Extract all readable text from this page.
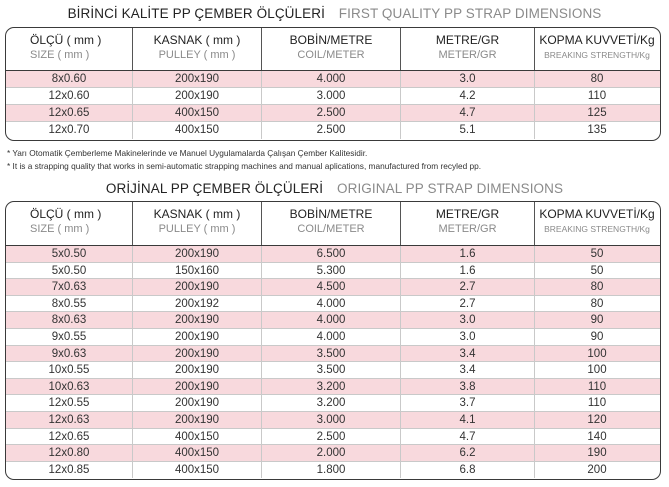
BİRİNCİ KALİTE PP ÇEMBER ÖLÇÜLERİ FIRST QUALITY PP STRAP DIMENSIONS
ÖLÇÜ ( mm )
SIZE ( mm )
KASNAK ( mm )
PULLEY ( mm )
BOBİN/METRE
COIL/METER
METRE/GR
METER/GR
KOPMA KUVVETİ/Kg
BREAKING STRENGTH/Kg
8x0.60	200x190	4.000	3.0	80
12x0.60	200x190	3.000	4.2	110
12x0.65	400x150	2.500	4.7	125
12x0.70	400x150	2.500	5.1	135
* Yarı Otomatik Çemberleme Makinelerinde ve Manuel Uygulamalarda Çalışan Çember Kalitesidir.
* It is a strapping quality that works in semi-automatic strapping machines and manual aplications, manufactured from recyled pp.
ORİJİNAL PP ÇEMBER ÖLÇÜLERİ ORIGINAL PP STRAP DIMENSIONS
ÖLÇÜ ( mm )
SIZE ( mm )
KASNAK ( mm )
PULLEY ( mm )
BOBİN/METRE
COIL/METER
METRE/GR
METER/GR
KOPMA KUVVETİ/Kg
BREAKING STRENGTH/Kg
5x0.50	200x190	6.500	1.6	50
5x0.50	150x160	5.300	1.6	50
7x0.63	200x190	4.500	2.7	80
8x0.55	200x192	4.000	2.7	80
8x0.63	200x190	4.000	3.0	90
9x0.55	200x190	4.000	3.0	90
9x0.63	200x190	3.500	3.4	100
10x0.55	200x190	3.500	3.4	100
10x0.63	200x190	3.200	3.8	110
12x0.55	200x190	3.200	3.7	110
12x0.63	200x190	3.000	4.1	120
12x0.65	400x150	2.500	4.7	140
12x0.80	400x150	2.000	6.2	190
12x0.85	400x150	1.800	6.8	200
